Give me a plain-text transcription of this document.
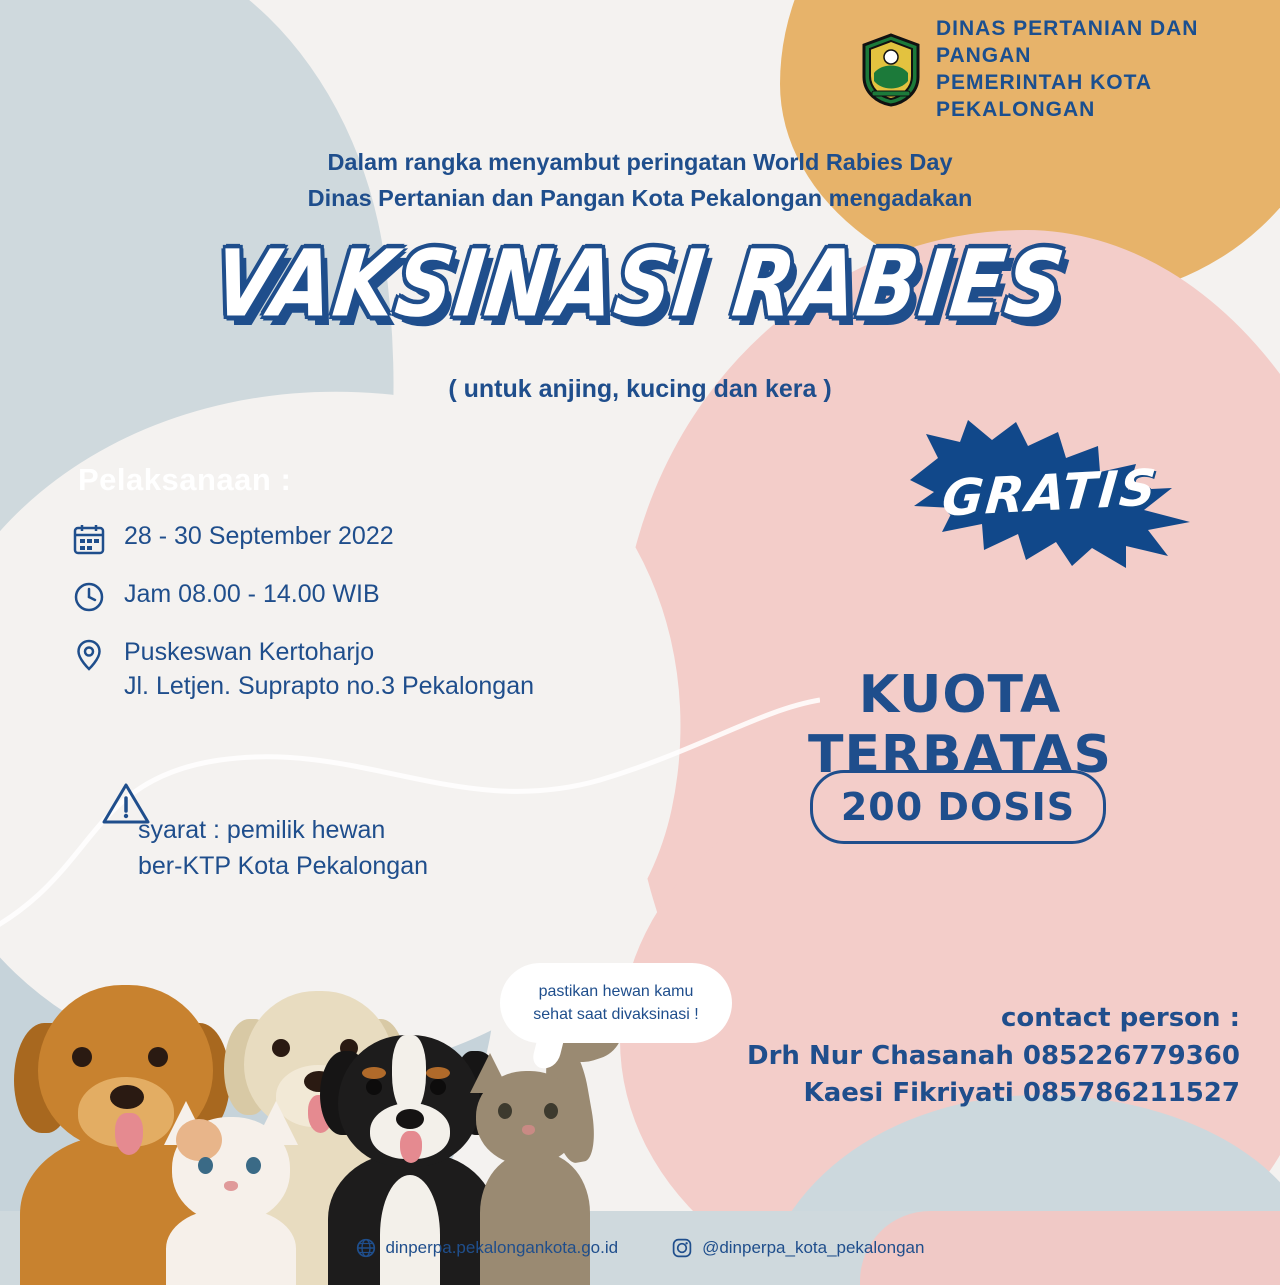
DINAS PERTANIAN DAN PANGAN
PEMERINTAH KOTA PEKALONGAN
Dalam rangka menyambut peringatan World Rabies Day
Dinas Pertanian dan Pangan Kota Pekalongan mengadakan
VAKSINASI RABIES
( untuk anjing, kucing dan kera )
Pelaksanaan :
28 - 30 September 2022
Jam 08.00 - 14.00 WIB
Puskeswan Kertoharjo
Jl. Letjen. Suprapto no.3 Pekalongan
syarat : pemilik hewan
ber-KTP Kota Pekalongan
GRATIS
KUOTA TERBATAS
200 DOSIS
pastikan hewan kamu
sehat saat divaksinasi !	contact person :
Drh Nur Chasanah 085226779360
Kaesi Fikriyati 085786211527
dinperpa.pekalongankota.go.id	@dinperpa_kota_pekalongan
